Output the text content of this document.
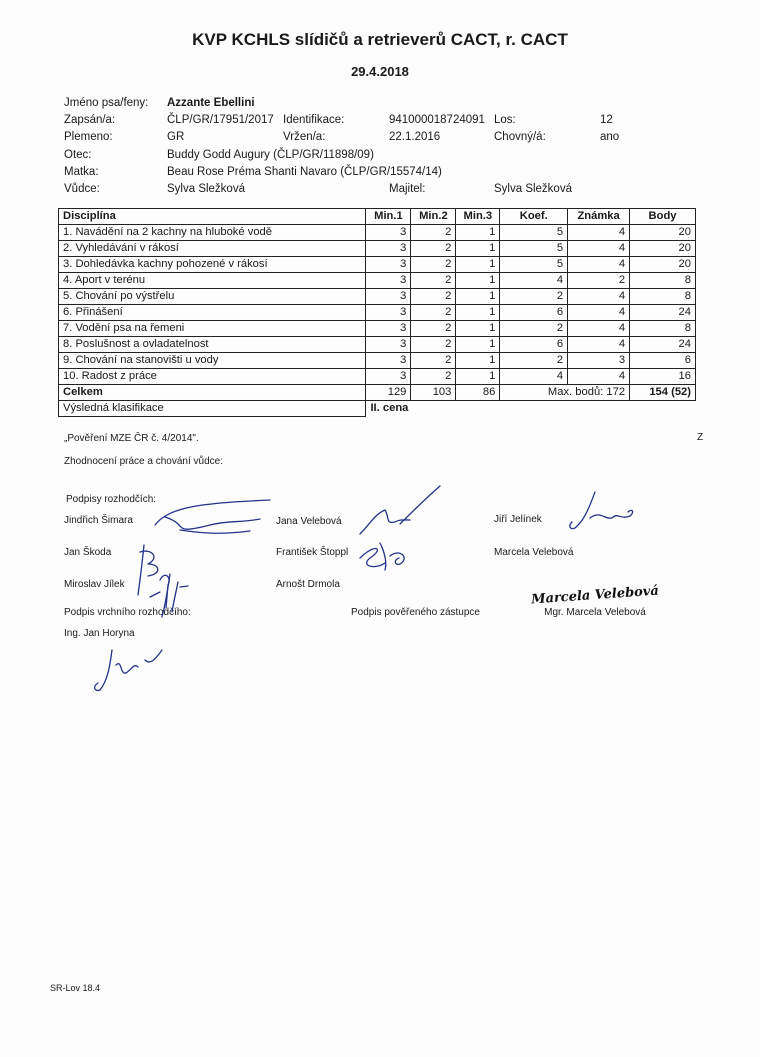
KVP KCHLS slídičů a retrieverů CACT, r. CACT
29.4.2018
Jméno psa/feny: Azzante Ebellini
Zapsán/a:	ČLP/GR/17951/2017 Identifikace:	941000018724091 Los:	12
Plemeno:	GR	Vržen/a:	22.1.2016	Chovný/á:	ano
Otec:	Buddy Godd Augury (ČLP/GR/11898/09)
Matka:	Beau Rose Préma Shanti Navaro (ČLP/GR/15574/14)
Vůdce:	Sylva Sležková	Majitel:	Sylva Sležková
Disciplína	Min.1	Min.2	Min.3	Koef.	Známka	Body
1. Navádění na 2 kachny na hluboké vodě	3	2	1	5	4	20
2. Vyhledávání v rákosí	3	2	1	5	4	20
3. Dohledávka kachny pohozené v rákosí	3	2	1	5	4	20
4. Aport v terénu	3	2	1	4	2	8
5. Chování po výstřelu	3	2	1	2	4	8
6. Přinášení	3	2	1	6	4	24
7. Vodění psa na řemeni	3	2	1	2	4	8
8. Poslušnost a ovladatelnost	3	2	1	6	4	24
9. Chování na stanovišti u vody	3	2	1	2	3	6
10. Radost z práce	3	2	1	4	4	16
Celkem	129	103	86	Max. bodů: 172		154 (52)
Výsledná klasifikace	II. cena					
„Pověření MZE ČR č. 4/2014".	Z
Zhodnocení práce a chování vůdce:
Podpisy rozhodčích:
Jindřich Šimara	Jana Velebová	Jiří Jelínek
Jan Škoda	František Štoppl	Marcela Velebová
Miroslav Jílek	Arnošt Drmola
Podpis vrchního rozhodčího:	Podpis pověřeného zástupce
Ing. Jan Horyna
Marcela Velebová
Mgr. Marcela Velebová
SR-Lov 18.4
